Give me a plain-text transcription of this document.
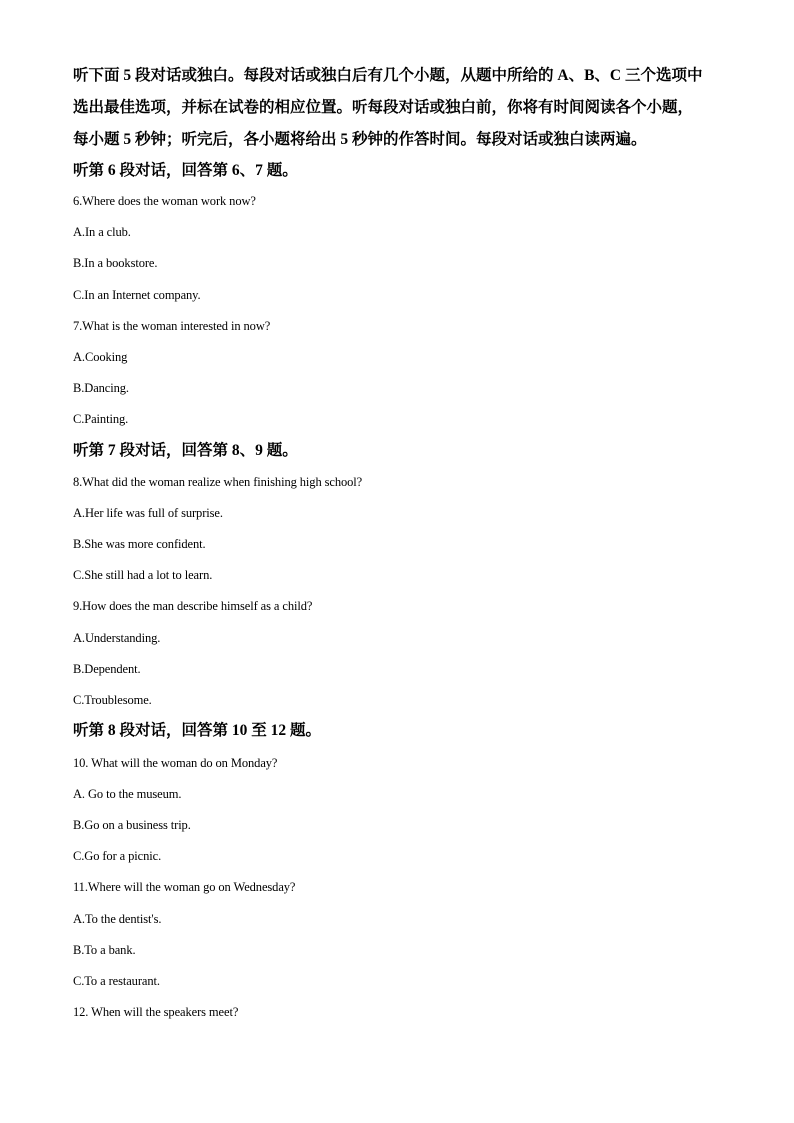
听下面 5 段对话或独白。每段对话或独白后有几个小题，从题中所给的 A、B、C 三个选项中
选出最佳选项，并标在试卷的相应位置。听每段对话或独白前，你将有时间阅读各个小题，
每小题 5 秒钟；听完后，各小题将给出 5 秒钟的作答时间。每段对话或独白读两遍。
听第 6 段对话，回答第 6、7 题。
6.Where does the woman work now?
A.In a club.
B.In a bookstore.
C.In an Internet company.
7.What is the woman interested in now?
A.Cooking
B.Dancing.
C.Painting.
听第 7 段对话，回答第 8、9 题。
8.What did the woman realize when finishing high school?
A.Her life was full of surprise.
B.She was more confident.
C.She still had a lot to learn.
9.How does the man describe himself as a child?
A.Understanding.
B.Dependent.
C.Troublesome.
听第 8 段对话，回答第 10 至 12 题。
10. What will the woman do on Monday?
A. Go to the museum.
B.Go on a business trip.
C.Go for a picnic.
11.Where will the woman go on Wednesday?
A.To the dentist's.
B.To a bank.
C.To a restaurant.
12. When will the speakers meet?
